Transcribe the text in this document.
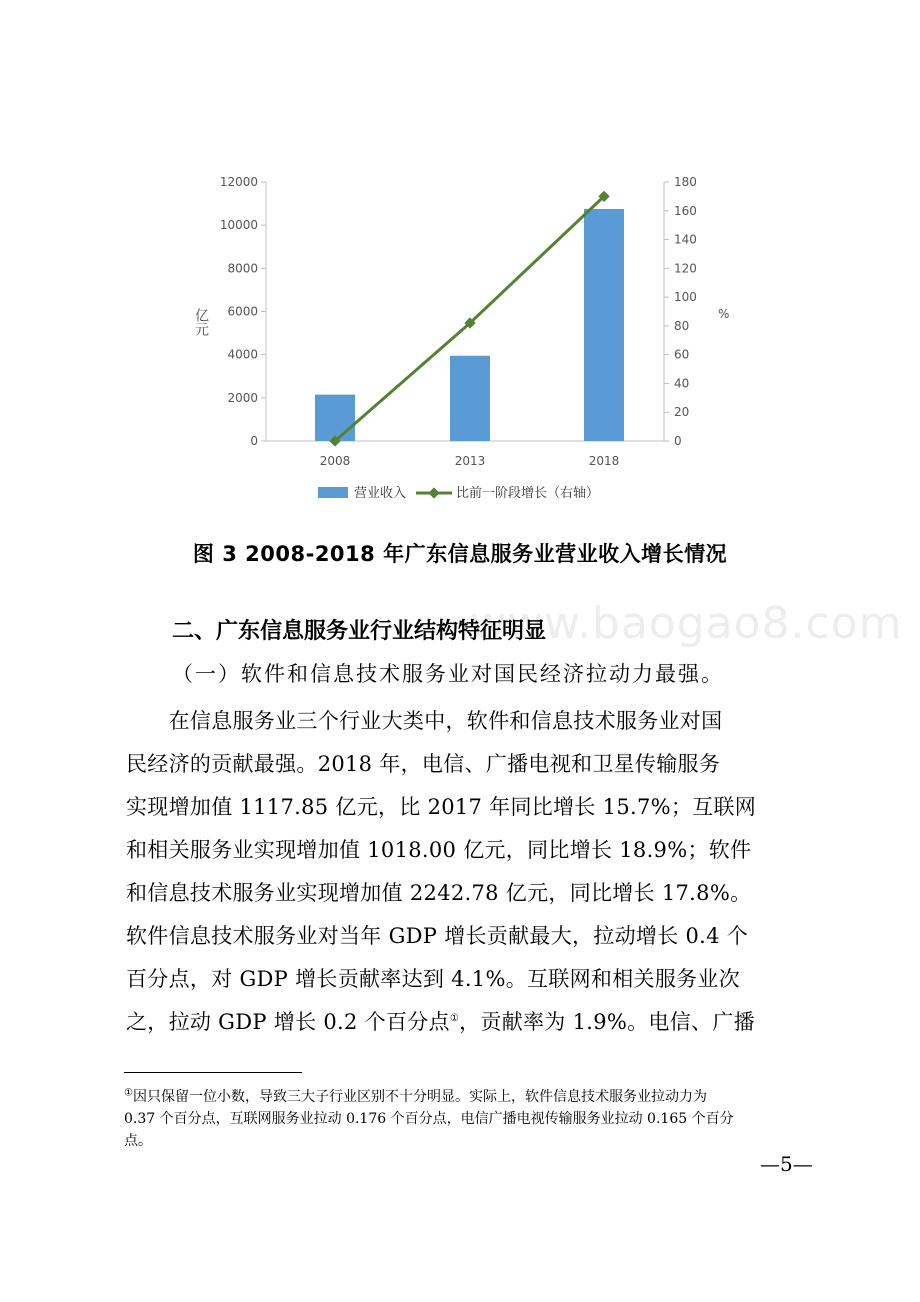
0
2000
4000
6000
8000
10000
12000
0
20
40
60
80
100
120
140
160
180
2008	2013	2018
亿元	%
营业收入	比前一阶段增长（右轴）
图 3 2008-2018 年广东信息服务业营业收入增长情况
www.baogao8.com
二、广东信息服务业行业结构特征明显
（一）软件和信息技术服务业对国民经济拉动力最强。
　　在信息服务业三个行业大类中，软件和信息技术服务业对国
民经济的贡献最强。2018 年，电信、广播电视和卫星传输服务
实现增加值 1117.85 亿元，比 2017 年同比增长 15.7%；互联网
和相关服务业实现增加值 1018.00 亿元，同比增长 18.9%；软件
和信息技术服务业实现增加值 2242.78 亿元，同比增长 17.8%。
软件信息技术服务业对当年 GDP 增长贡献最大，拉动增长 0.4 个
百分点，对 GDP 增长贡献率达到 4.1%。互联网和相关服务业次
之，拉动 GDP 增长 0.2 个百分点①，贡献率为 1.9%。电信、广播
①因只保留一位小数，导致三大子行业区别不十分明显。实际上，软件信息技术服务业拉动力为
0.37 个百分点，互联网服务业拉动 0.176 个百分点，电信广播电视传输服务业拉动 0.165 个百分
点。
—5—
